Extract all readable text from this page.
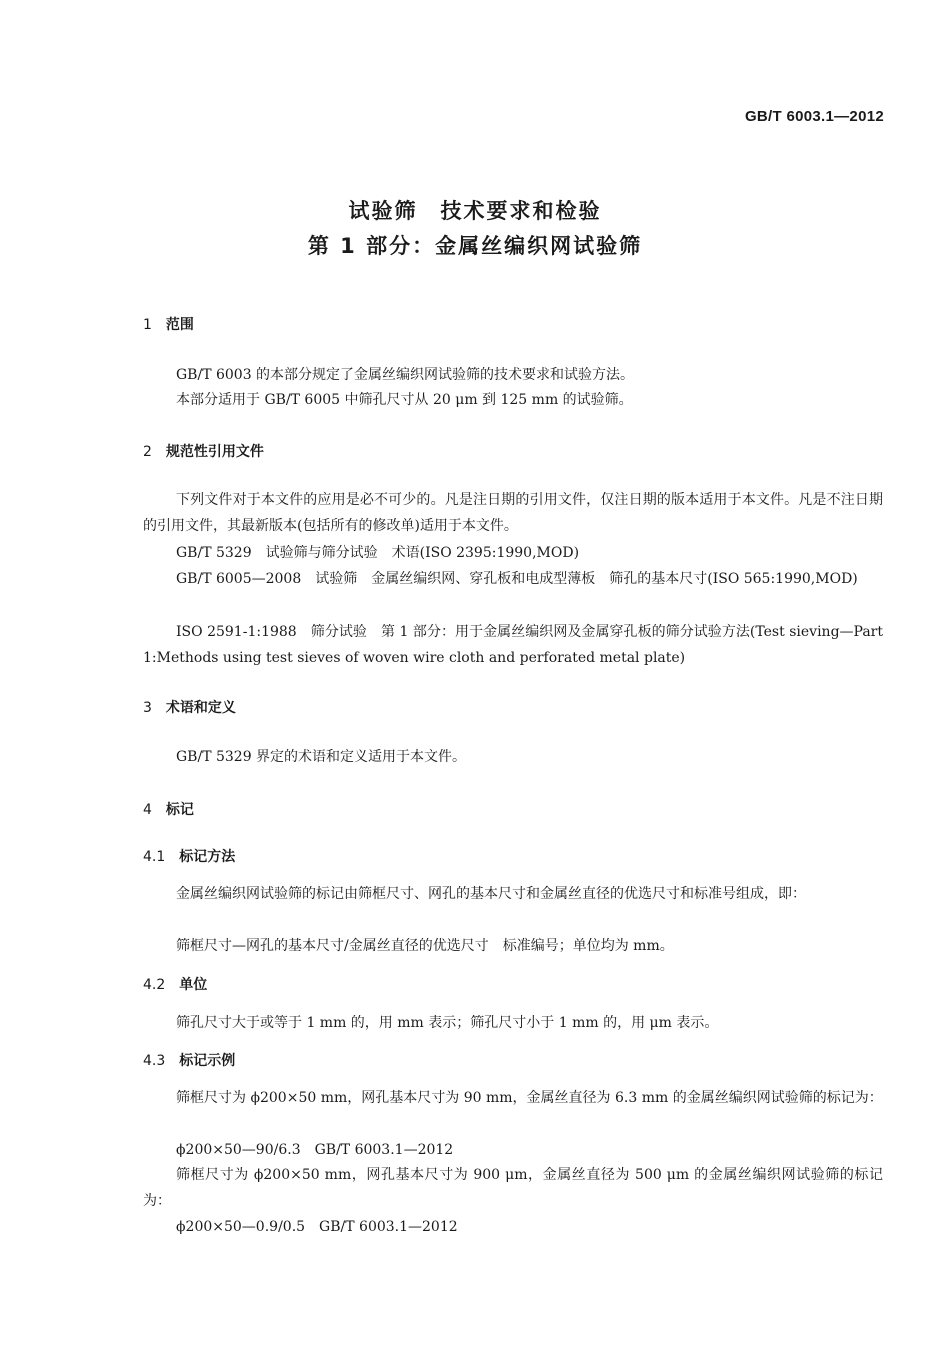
GB/T 6003.1—2012
试验筛　技术要求和检验
第 1 部分：金属丝编织网试验筛
1 范围
GB/T 6003 的本部分规定了金属丝编织网试验筛的技术要求和试验方法。
本部分适用于 GB/T 6005 中筛孔尺寸从 20 μm 到 125 mm 的试验筛。
2 规范性引用文件
下列文件对于本文件的应用是必不可少的。凡是注日期的引用文件，仅注日期的版本适用于本文件。凡是不注日期的引用文件，其最新版本(包括所有的修改单)适用于本文件。
GB/T 5329　试验筛与筛分试验　术语(ISO 2395:1990,MOD)
GB/T 6005—2008　试验筛　金属丝编织网、穿孔板和电成型薄板　筛孔的基本尺寸(ISO 565:1990,MOD)
ISO 2591-1:1988　筛分试验　第 1 部分：用于金属丝编织网及金属穿孔板的筛分试验方法(Test sieving—Part 1:Methods using test sieves of woven wire cloth and perforated metal plate)
3 术语和定义
GB/T 5329 界定的术语和定义适用于本文件。
4 标记
4.1 标记方法
金属丝编织网试验筛的标记由筛框尺寸、网孔的基本尺寸和金属丝直径的优选尺寸和标准号组成，即：
筛框尺寸—网孔的基本尺寸/金属丝直径的优选尺寸　标准编号；单位均为 mm。
4.2 单位
筛孔尺寸大于或等于 1 mm 的，用 mm 表示；筛孔尺寸小于 1 mm 的，用 μm 表示。
4.3 标记示例
筛框尺寸为 ϕ200×50 mm，网孔基本尺寸为 90 mm，金属丝直径为 6.3 mm 的金属丝编织网试验筛的标记为：
ϕ200×50—90/6.3　GB/T 6003.1—2012
筛框尺寸为 ϕ200×50 mm，网孔基本尺寸为 900 μm，金属丝直径为 500 μm 的金属丝编织网试验筛的标记为：
ϕ200×50—0.9/0.5　GB/T 6003.1—2012
